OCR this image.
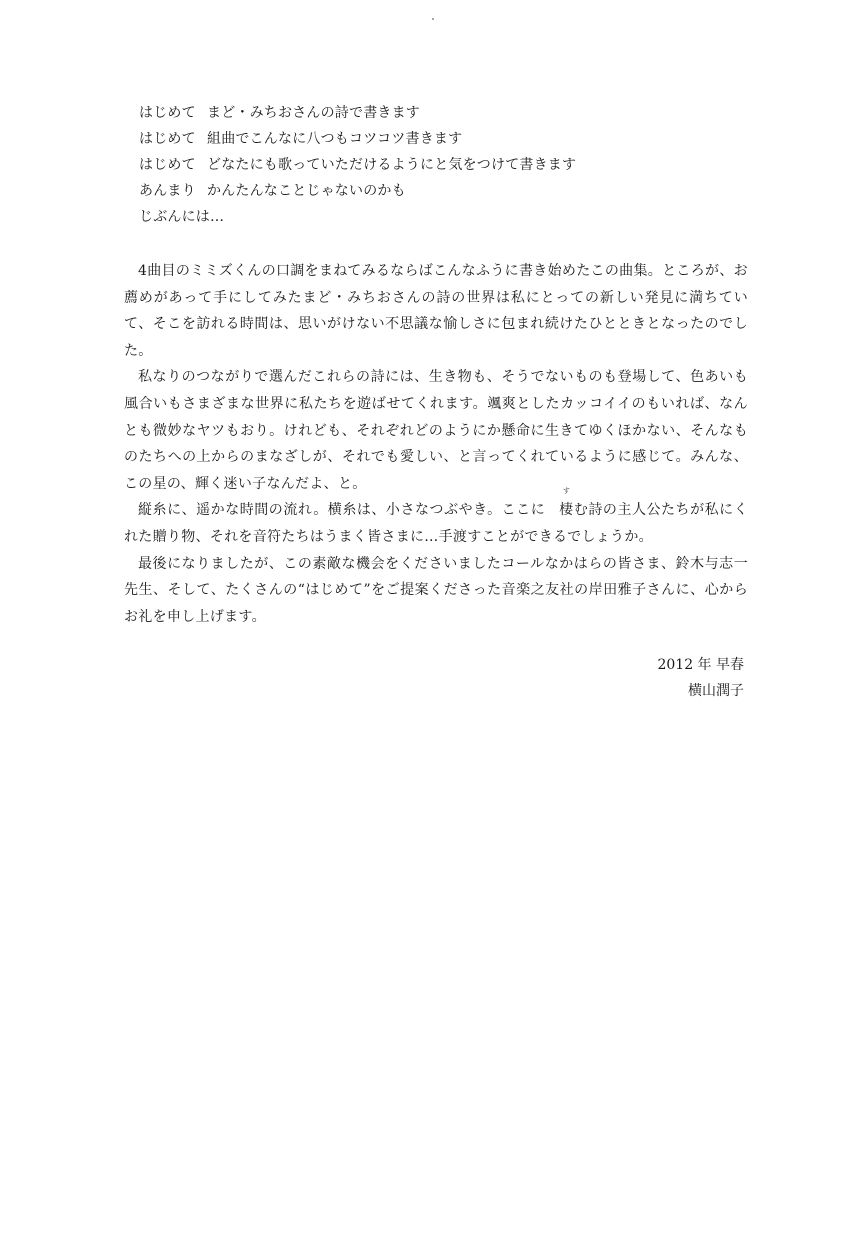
はじめて まど・みちおさんの詩で書きます
はじめて 組曲でこんなに八つもコツコツ書きます
はじめて どなたにも歌っていただけるようにと気をつけて書きます
あんまり かんたんなことじゃないのかも
じぶんには…

4曲目のミミズくんの口調をまねてみるならばこんなふうに書き始めたこの曲集。ところが、お薦めがあって手にしてみたまど・みちおさんの詩の世界は私にとっての新しい発見に満ちていて、そこを訪れる時間は、思いがけない不思議な愉しさに包まれ続けたひとときとなったのでした。

私なりのつながりで選んだこれらの詩には、生き物も、そうでないものも登場して、色あいも風合いもさまざまな世界に私たちを遊ばせてくれます。颯爽としたカッコイイのもいれば、なんとも微妙なヤツもおり。けれども、それぞれどのようにか懸命に生きてゆくほかない、そんなものたちへの上からのまなざしが、それでも愛しい、と言ってくれているように感じて。みんな、この星の、輝く迷い子なんだよ、と。

縦糸に、遥かな時間の流れ。横糸は、小さなつぶやき。ここに
す
棲む詩の主人公たちが私にくれた贈り物、それを音符たちはうまく皆さまに…手渡すことができるでしょうか。

最後になりましたが、この素敵な機会をくださいましたコールなかはらの皆さま、鈴木与志一先生、そして、たくさんの“はじめて”をご提案くださった音楽之友社の岸田雅子さんに、心からお礼を申し上げます。

2012 年 早春
横山潤子
